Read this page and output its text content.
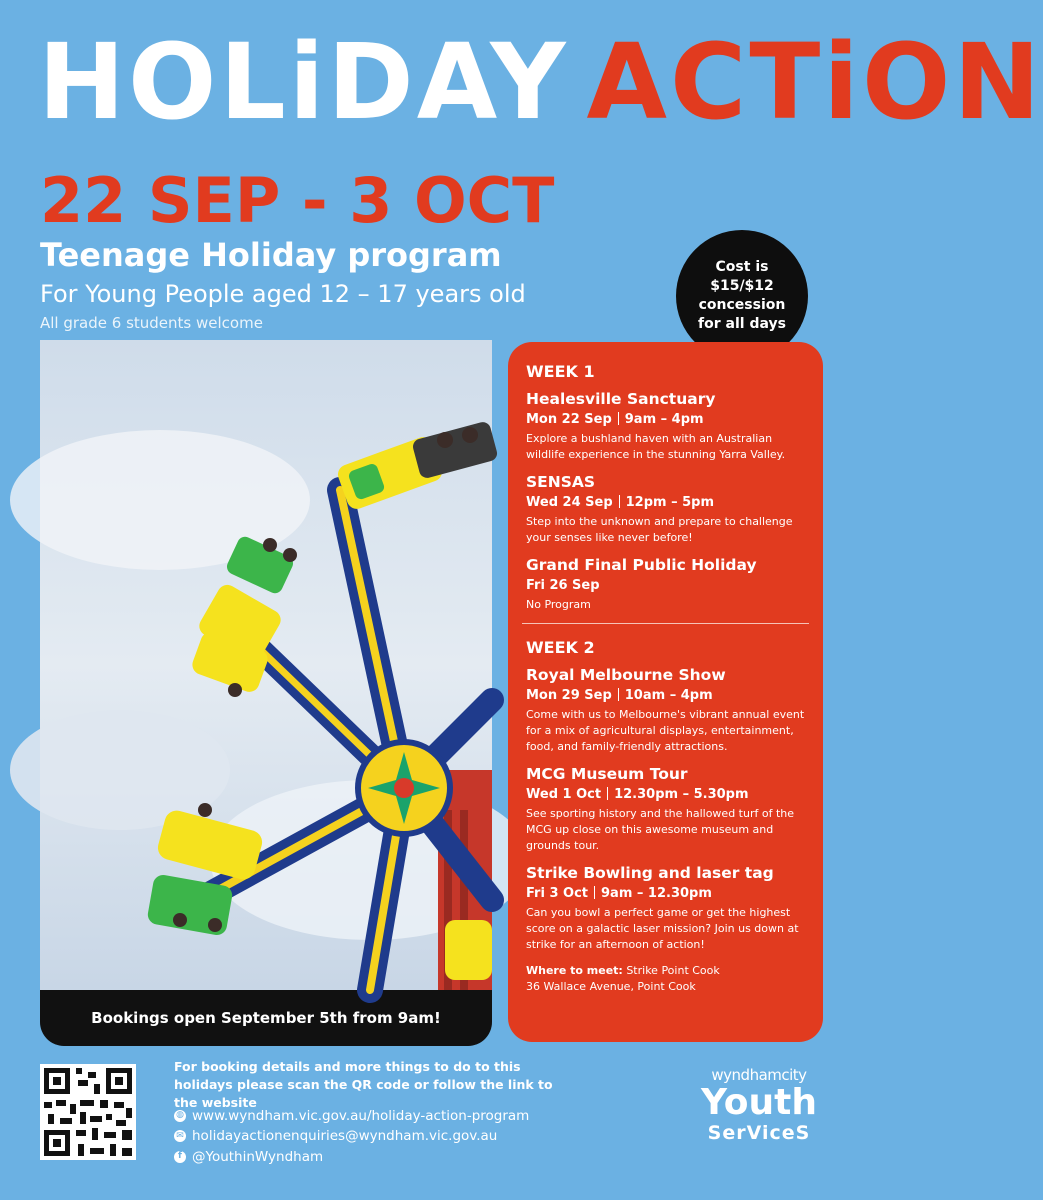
HOLiDAY ACTiON
22 SEP - 3 OCT
Teenage Holiday program
For Young People aged 12 – 17 years old
All grade 6 students welcome
Cost is
$15/$12
concession
for all days
Bookings open September 5th from 9am!
WEEK 1
Healesville Sanctuary
Mon 22 Sep 9am – 4pm
Explore a bushland haven with an Australian wildlife experience in the stunning Yarra Valley.
SENSAS
Wed 24 Sep 12pm – 5pm
Step into the unknown and prepare to challenge your senses like never before!
Grand Final Public Holiday
Fri 26 Sep
No Program
WEEK 2
Royal Melbourne Show
Mon 29 Sep 10am – 4pm
Come with us to Melbourne's vibrant annual event for a mix of agricultural displays, entertainment, food, and family-friendly attractions.
MCG Museum Tour
Wed 1 Oct 12.30pm – 5.30pm
See sporting history and the hallowed turf of the MCG up close on this awesome museum and grounds tour.
Strike Bowling and laser tag
Fri 3 Oct 9am – 12.30pm
Can you bowl a perfect game or get the highest score on a galactic laser mission? Join us down at strike for an afternoon of action!
Where to meet: Strike Point Cook
36 Wallace Avenue, Point Cook
For booking details and more things to do to this holidays please scan the QR code or follow the link to the website
◍ www.wyndham.vic.gov.au/holiday-action-program
✉ holidayactionenquiries@wyndham.vic.gov.au
f @YouthinWyndham
wyndhamcity
Youth
SerViceS
